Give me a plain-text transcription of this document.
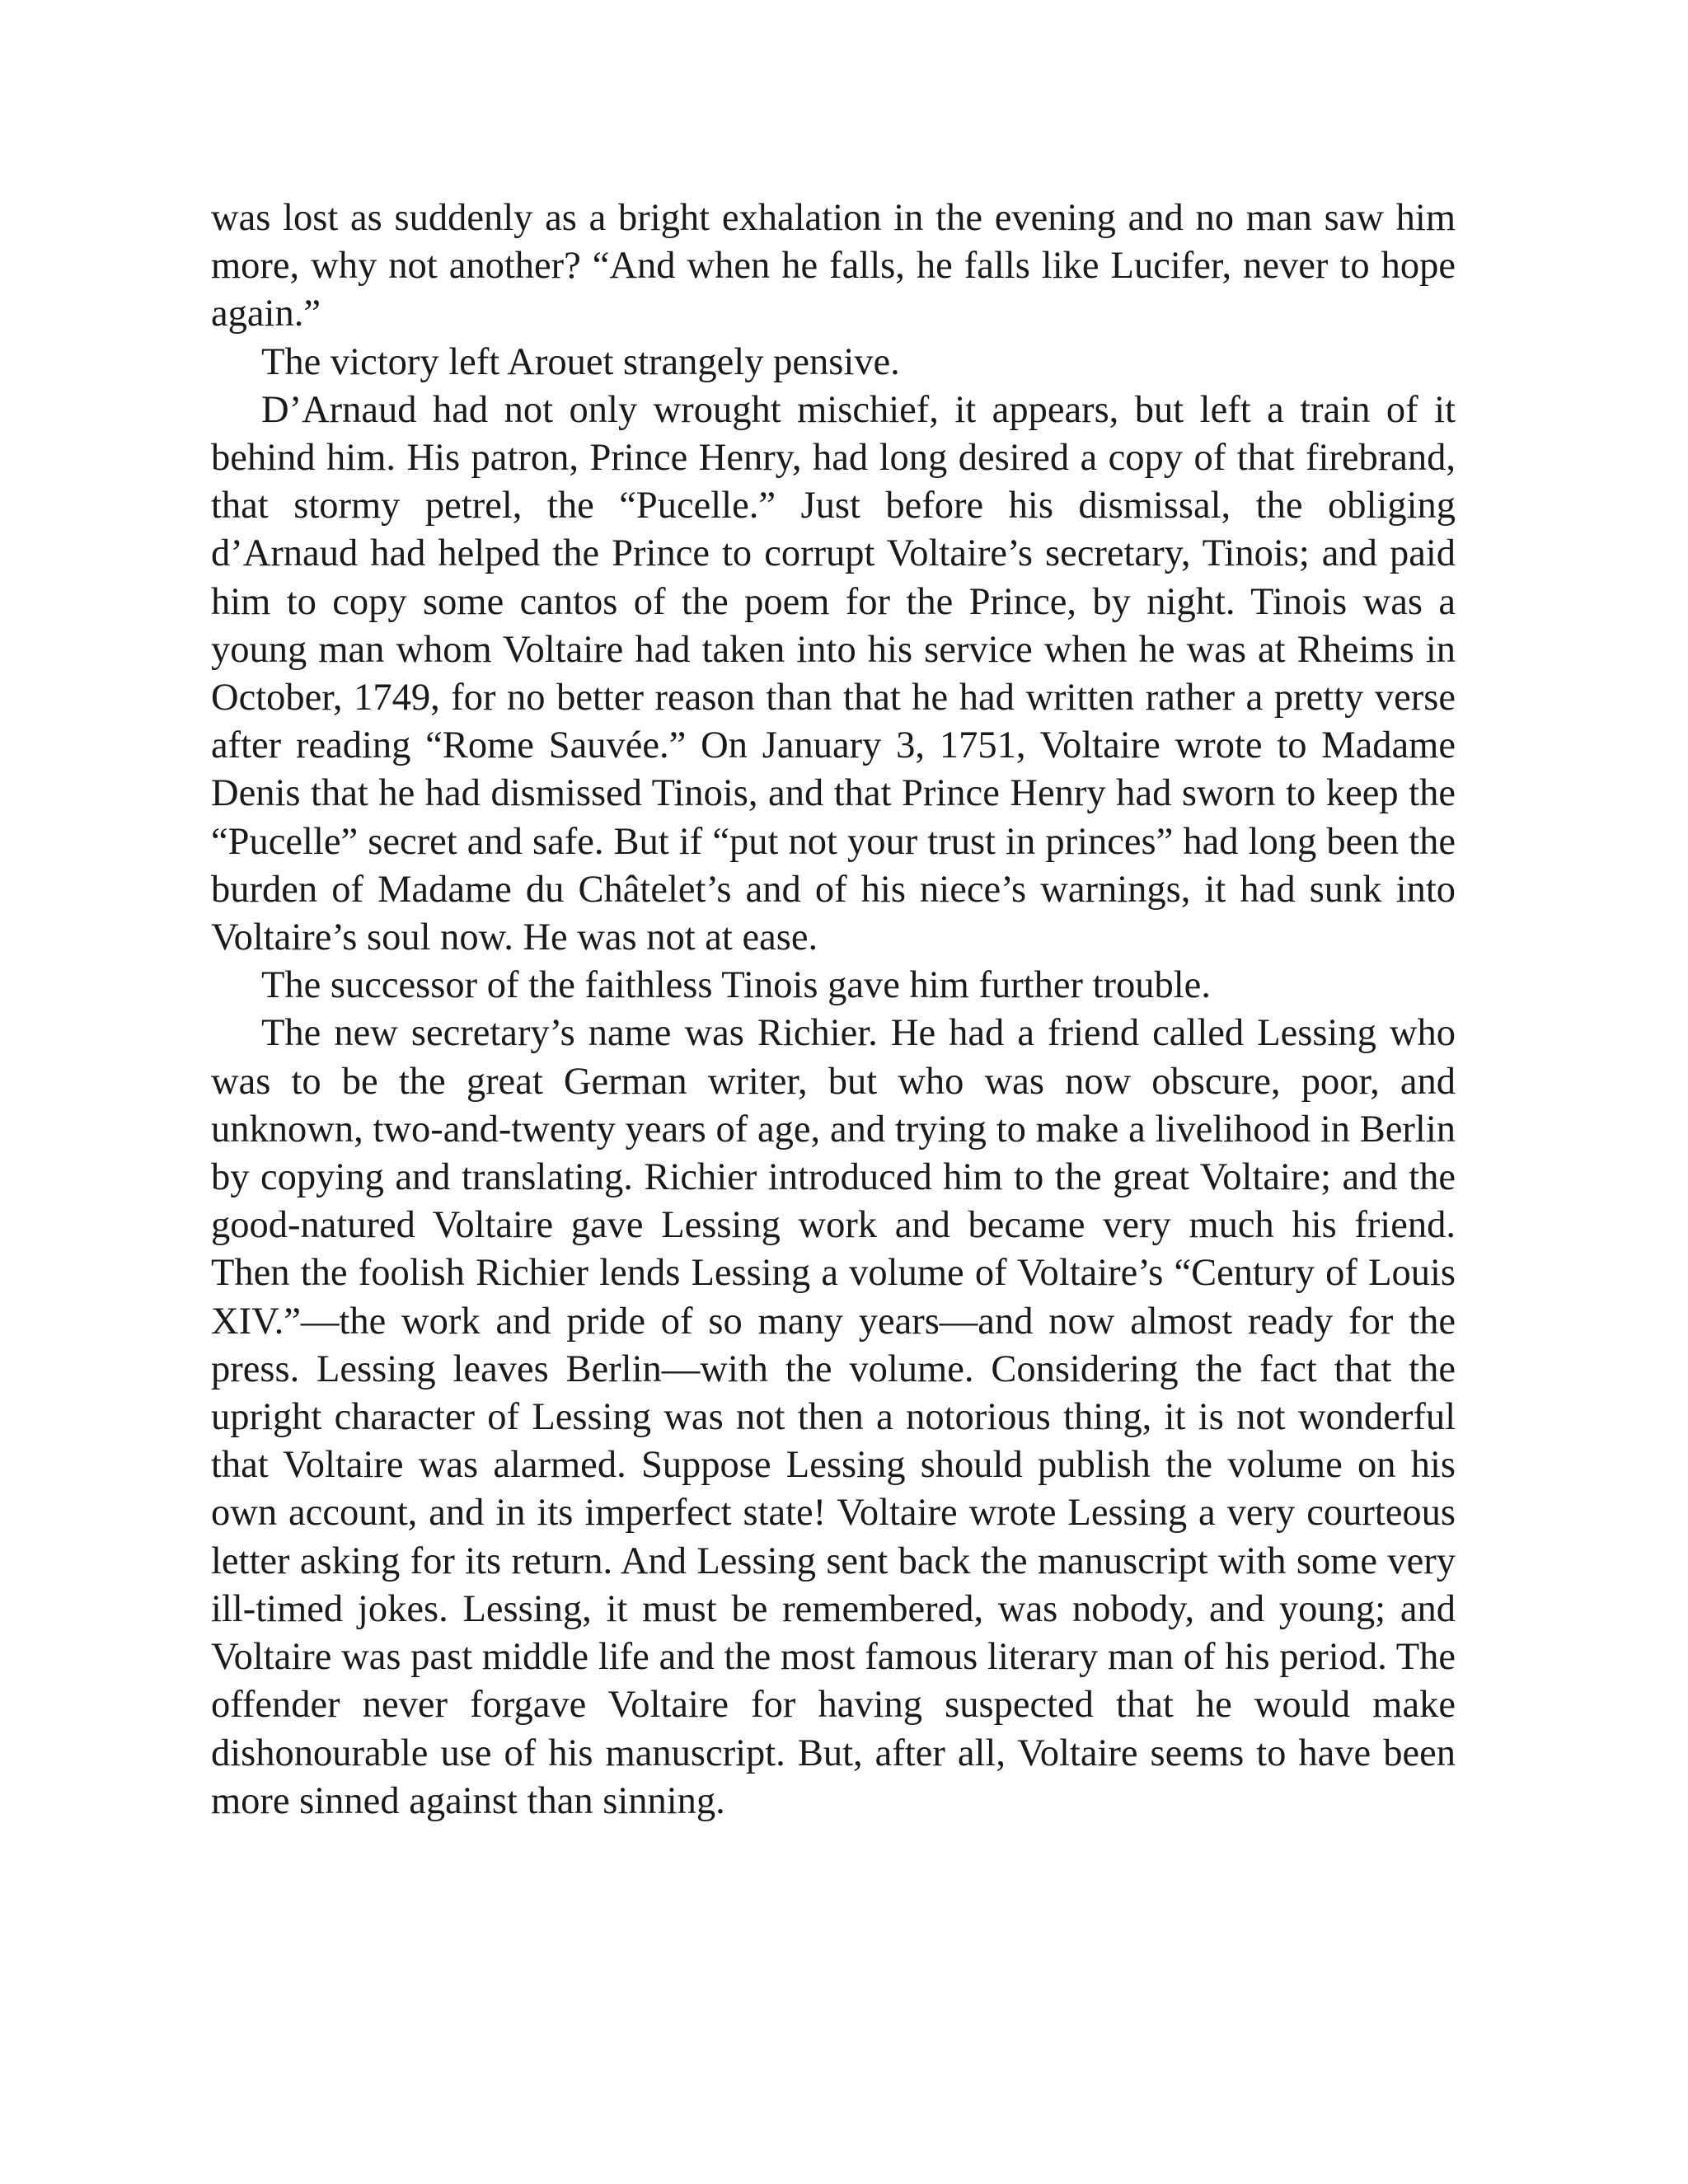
was lost as suddenly as a bright exhalation in the evening and no man saw him more, why not another? “And when he falls, he falls like Lucifer, never to hope again.”

The victory left Arouet strangely pensive.

D’Arnaud had not only wrought mischief, it appears, but left a train of it behind him. His patron, Prince Henry, had long desired a copy of that firebrand, that stormy petrel, the “Pucelle.” Just before his dismissal, the obliging d’Arnaud had helped the Prince to corrupt Voltaire’s secretary, Tinois; and paid him to copy some cantos of the poem for the Prince, by night. Tinois was a young man whom Voltaire had taken into his service when he was at Rheims in October, 1749, for no better reason than that he had written rather a pretty verse after reading “Rome Sauvée.” On January 3, 1751, Voltaire wrote to Madame Denis that he had dismissed Tinois, and that Prince Henry had sworn to keep the “Pucelle” secret and safe. But if “put not your trust in princes” had long been the burden of Madame du Châtelet’s and of his niece’s warnings, it had sunk into Voltaire’s soul now. He was not at ease.

The successor of the faithless Tinois gave him further trouble.

The new secretary’s name was Richier. He had a friend called Lessing who was to be the great German writer, but who was now obscure, poor, and unknown, two-and-twenty years of age, and trying to make a livelihood in Berlin by copying and translating. Richier introduced him to the great Voltaire; and the good-natured Voltaire gave Lessing work and became very much his friend. Then the foolish Richier lends Lessing a volume of Voltaire’s “Century of Louis XIV.”—the work and pride of so many years—and now almost ready for the press. Lessing leaves Berlin—with the volume. Considering the fact that the upright character of Lessing was not then a notorious thing, it is not wonderful that Voltaire was alarmed. Suppose Lessing should publish the volume on his own account, and in its imperfect state! Voltaire wrote Lessing a very courteous letter asking for its return. And Lessing sent back the manuscript with some very ill-timed jokes. Lessing, it must be remembered, was nobody, and young; and Voltaire was past middle life and the most famous literary man of his period. The offender never forgave Voltaire for having suspected that he would make dishonourable use of his manuscript. But, after all, Voltaire seems to have been more sinned against than sinning.
